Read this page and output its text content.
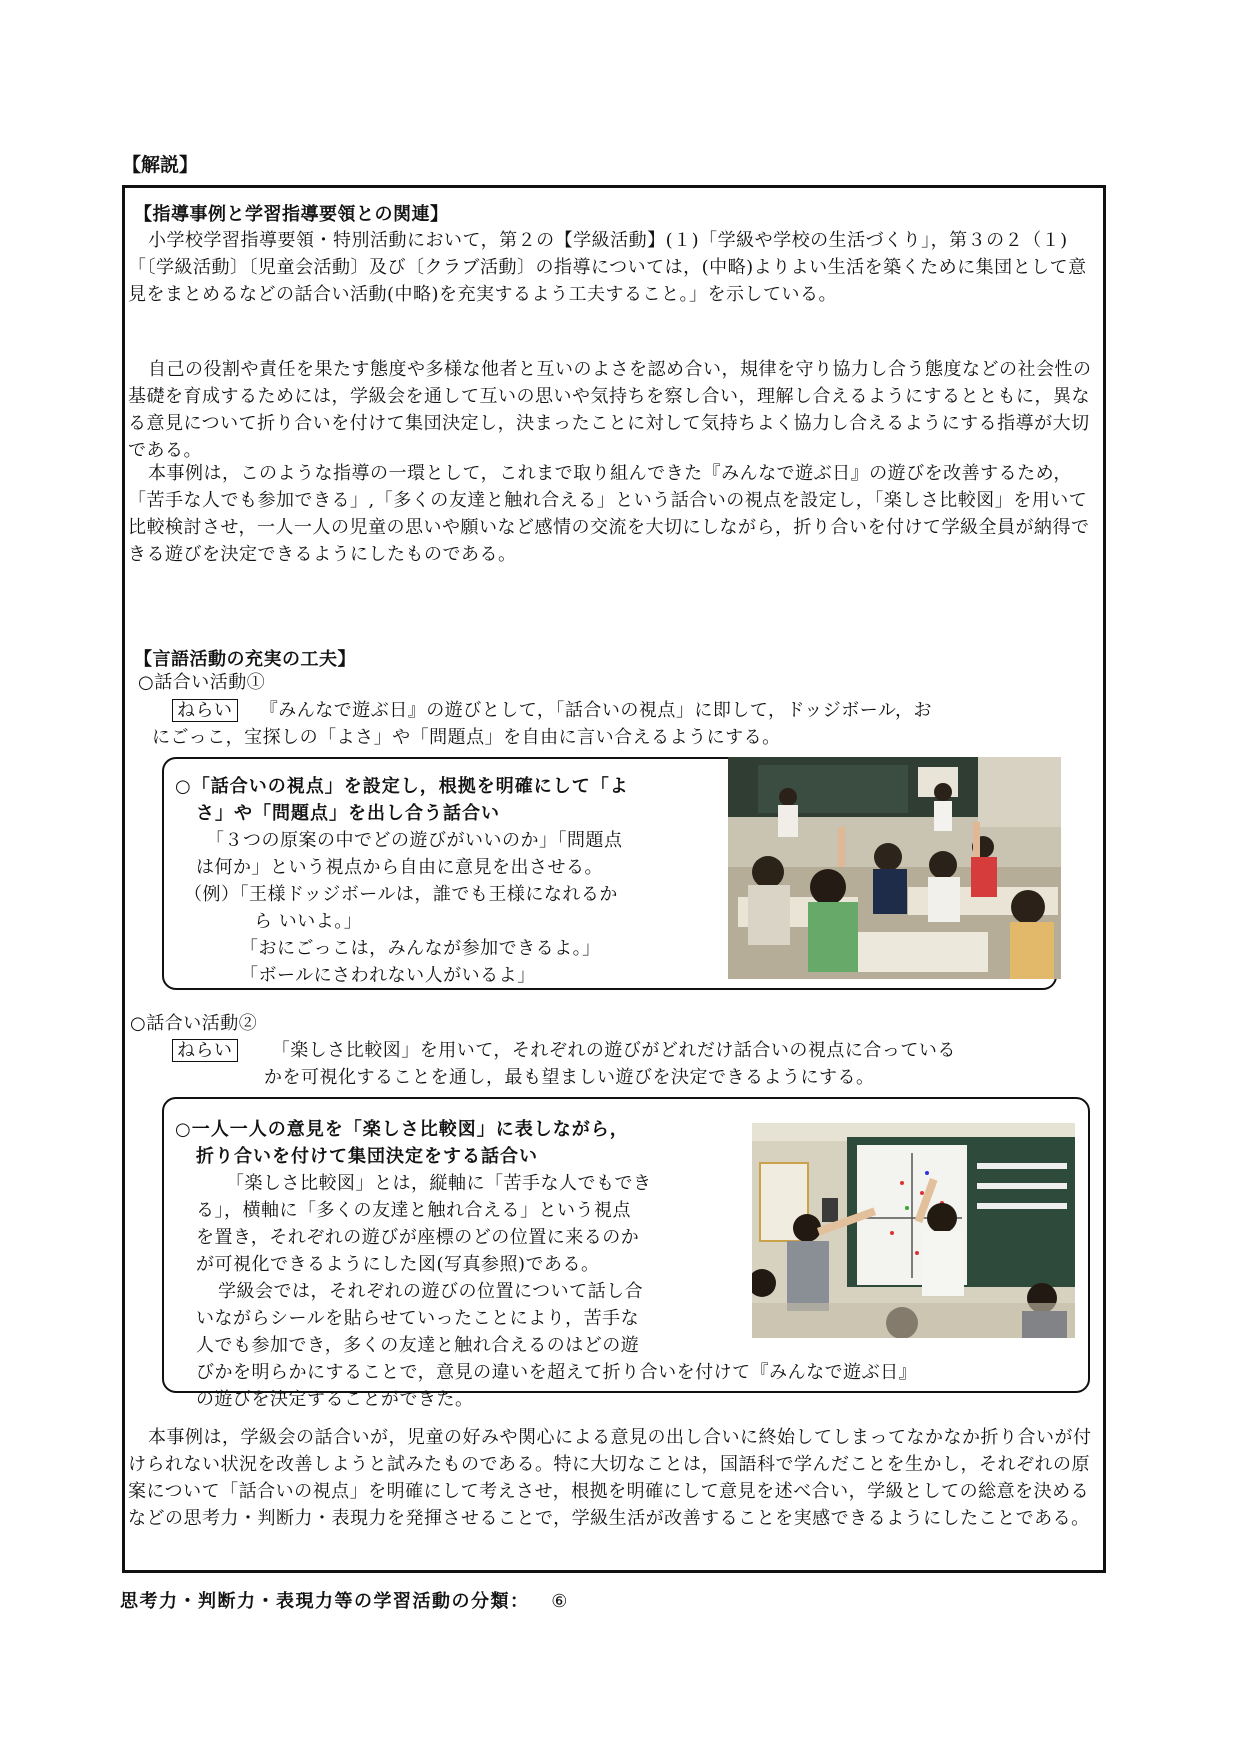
【解説】
【指導事例と学習指導要領との関連】
小学校学習指導要領・特別活動において，第２の【学級活動】(１)「学級や学校の生活づくり」，第３の２（１)「〔学級活動〕〔児童会活動〕及び〔クラブ活動〕の指導については，(中略)よりよい生活を築くために集団として意見をまとめるなどの話合い活動(中略)を充実するよう工夫すること。」を示している。
自己の役割や責任を果たす態度や多様な他者と互いのよさを認め合い，規律を守り協力し合う態度などの社会性の基礎を育成するためには，学級会を通して互いの思いや気持ちを察し合い，理解し合えるようにするとともに，異なる意見について折り合いを付けて集団決定し，決まったことに対して気持ちよく協力し合えるようにする指導が大切である。
本事例は，このような指導の一環として，これまで取り組んできた『みんなで遊ぶ日』の遊びを改善するため，「苦手な人でも参加できる」,「多くの友達と触れ合える」という話合いの視点を設定し，「楽しさ比較図」を用いて比較検討させ，一人一人の児童の思いや願いなど感情の交流を大切にしながら，折り合いを付けて学級全員が納得できる遊びを決定できるようにしたものである。
【言語活動の充実の工夫】
○話合い活動①
ねらい 『みんなで遊ぶ日』の遊びとして，「話合いの視点」に即して，ドッジボール，お
にごっこ，宝探しの「よさ」や「問題点」を自由に言い合えるようにする。
○「話合いの視点」を設定し，根拠を明確にして「よ
さ」や「問題点」を出し合う話合い
「３つの原案の中でどの遊びがいいのか」「問題点
は何か」という視点から自由に意見を出させる。
（例）「王様ドッジボールは，誰でも王様になれるか
ら いいよ。」
「おにごっこは，みんなが参加できるよ。」
「ボールにさわれない人がいるよ」
○話合い活動②
ねらい 「楽しさ比較図」を用いて，それぞれの遊びがどれだけ話合いの視点に合っている
かを可視化することを通し，最も望ましい遊びを決定できるようにする。
○一人一人の意見を「楽しさ比較図」に表しながら，
折り合いを付けて集団決定をする話合い
「楽しさ比較図」とは，縦軸に「苦手な人でもでき
る」，横軸に「多くの友達と触れ合える」という視点
を置き，それぞれの遊びが座標のどの位置に来るのか
が可視化できるようにした図(写真参照)である。
学級会では，それぞれの遊びの位置について話し合
いながらシールを貼らせていったことにより，苦手な
人でも参加でき，多くの友達と触れ合えるのはどの遊
びかを明らかにすることで，意見の違いを超えて折り合いを付けて『みんなで遊ぶ日』
の遊びを決定することができた。
本事例は，学級会の話合いが，児童の好みや関心による意見の出し合いに終始してしまってなかなか折り合いが付けられない状況を改善しようと試みたものである。特に大切なことは，国語科で学んだことを生かし，それぞれの原案について「話合いの視点」を明確にして考えさせ，根拠を明確にして意見を述べ合い，学級としての総意を決めるなどの思考力・判断力・表現力を発揮させることで，学級生活が改善することを実感できるようにしたことである。
思考力・判断力・表現力等の学習活動の分類： ⑥
